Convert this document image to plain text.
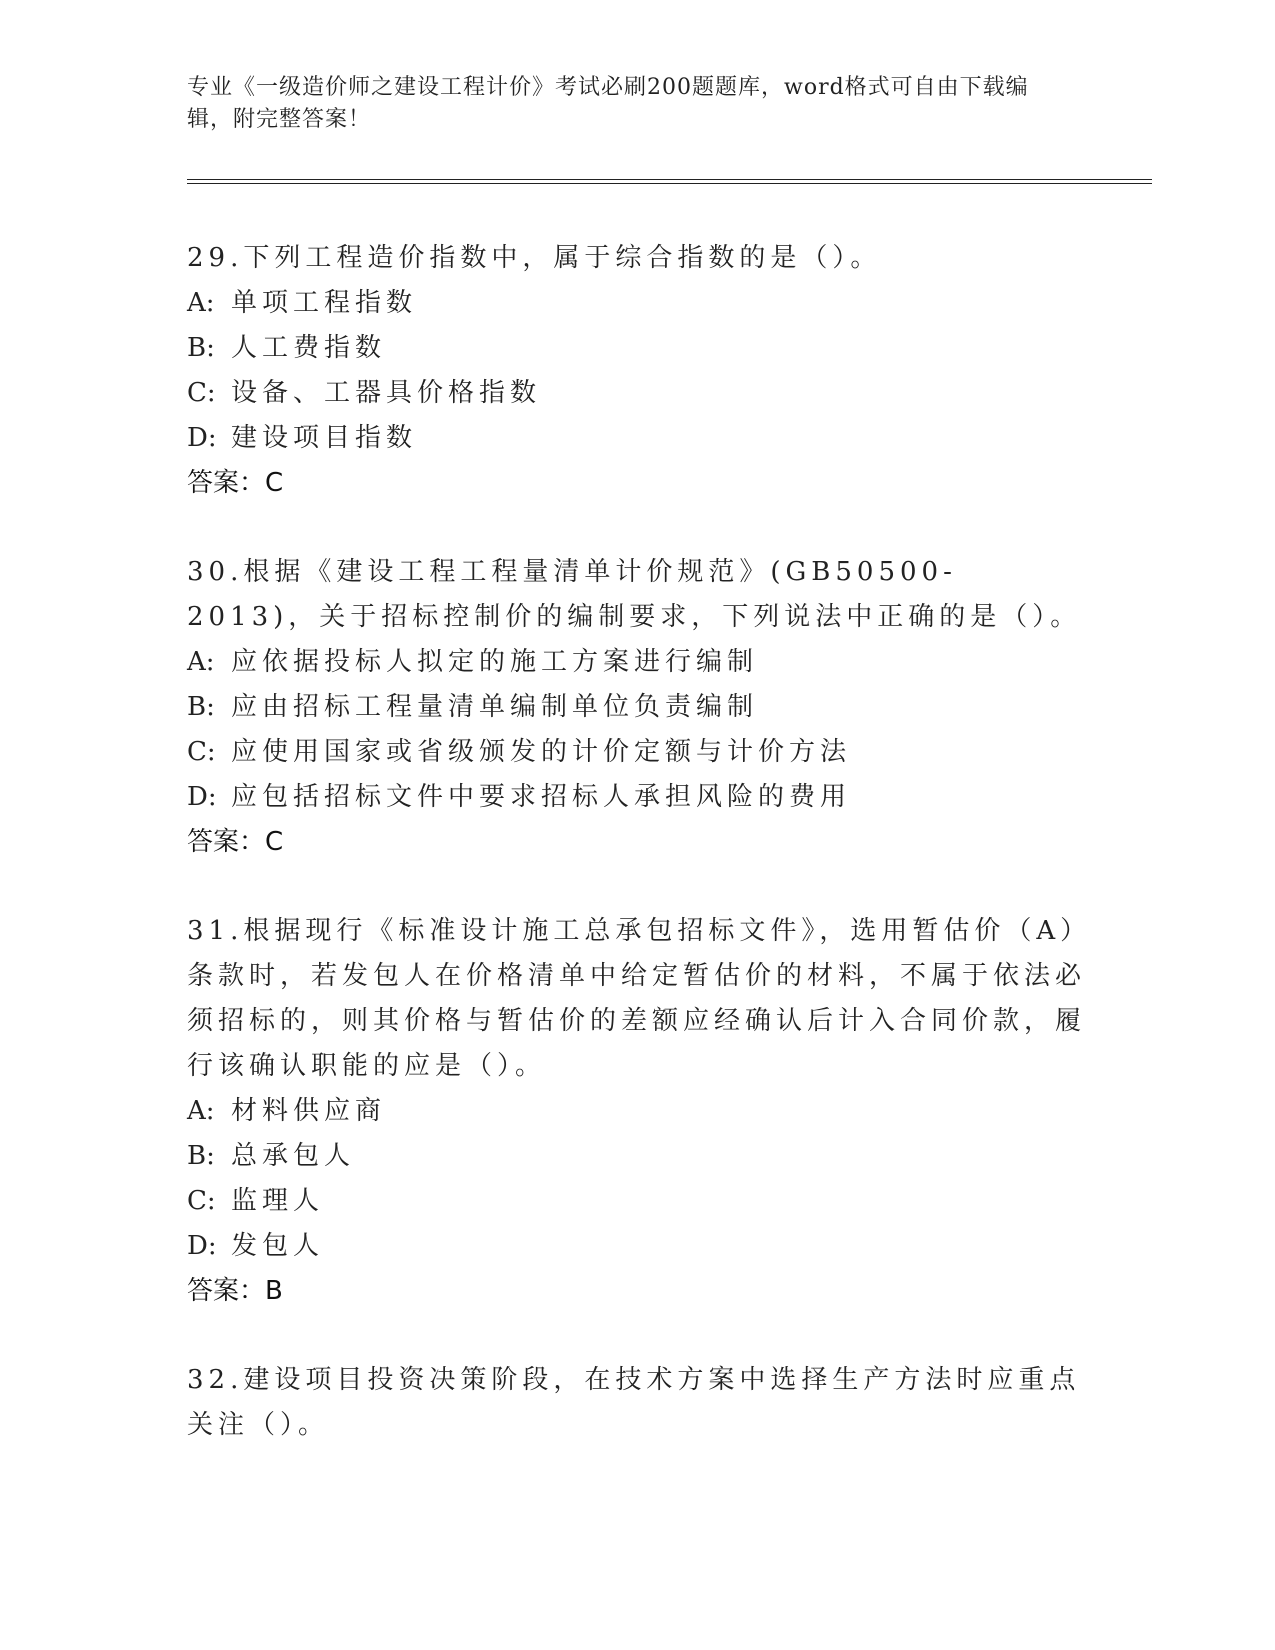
专业《一级造价师之建设工程计价》考试必刷200题题库，word格式可自由下载编辑，附完整答案！

29.下列工程造价指数中，属于综合指数的是（）。

A: 单项工程指数

B: 人工费指数

C: 设备、工器具价格指数

D: 建设项目指数

答案：C

30.根据《建设工程工程量清单计价规范》(GB50500-2013)，关于招标控制价的编制要求，下列说法中正确的是（）。

A: 应依据投标人拟定的施工方案进行编制

B: 应由招标工程量清单编制单位负责编制

C: 应使用国家或省级颁发的计价定额与计价方法

D: 应包括招标文件中要求招标人承担风险的费用

答案：C

31.根据现行《标准设计施工总承包招标文件》，选用暂估价（A）条款时，若发包人在价格清单中给定暂估价的材料，不属于依法必须招标的，则其价格与暂估价的差额应经确认后计入合同价款，履行该确认职能的应是（）。

A: 材料供应商

B: 总承包人

C: 监理人

D: 发包人

答案：B

32.建设项目投资决策阶段，在技术方案中选择生产方法时应重点关注（）。
